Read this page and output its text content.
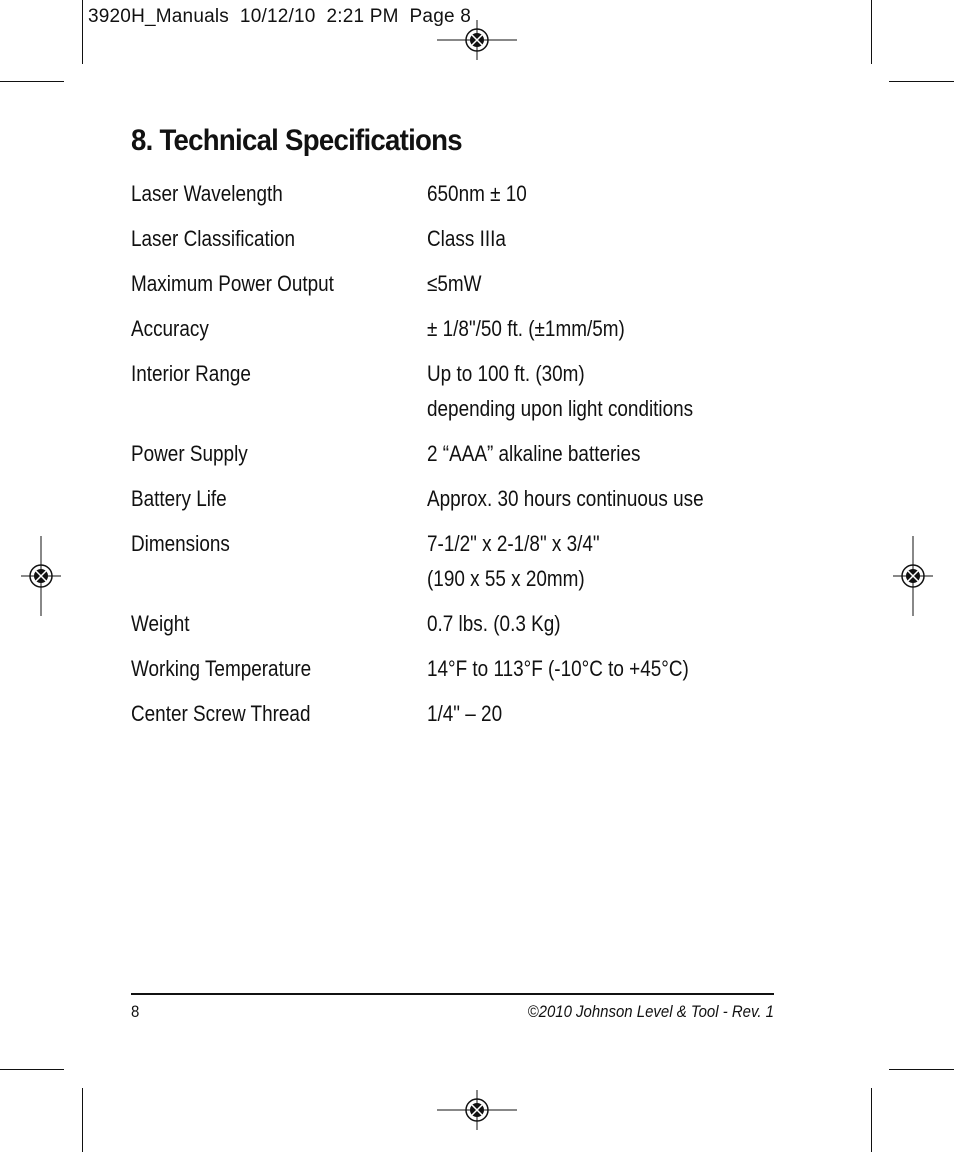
3920H_Manuals  10/12/10  2:21 PM  Page 8
8. Technical Specifications
Laser Wavelength	650nm ± 10
Laser Classification	Class IIIa
Maximum Power Output	≤5mW
Accuracy	± 1/8"/50 ft. (±1mm/5m)
Interior Range	Up to 100 ft. (30m)
depending upon light conditions
Power Supply	2 “AAA” alkaline batteries
Battery Life	Approx. 30 hours continuous use
Dimensions	7-1/2" x 2-1/8" x 3/4"
(190 x 55 x 20mm)
Weight	0.7 lbs. (0.3 Kg)
Working Temperature	14°F to 113°F (-10°C to +45°C)
Center Screw Thread	1/4" – 20
8	©2010 Johnson Level & Tool - Rev. 1
